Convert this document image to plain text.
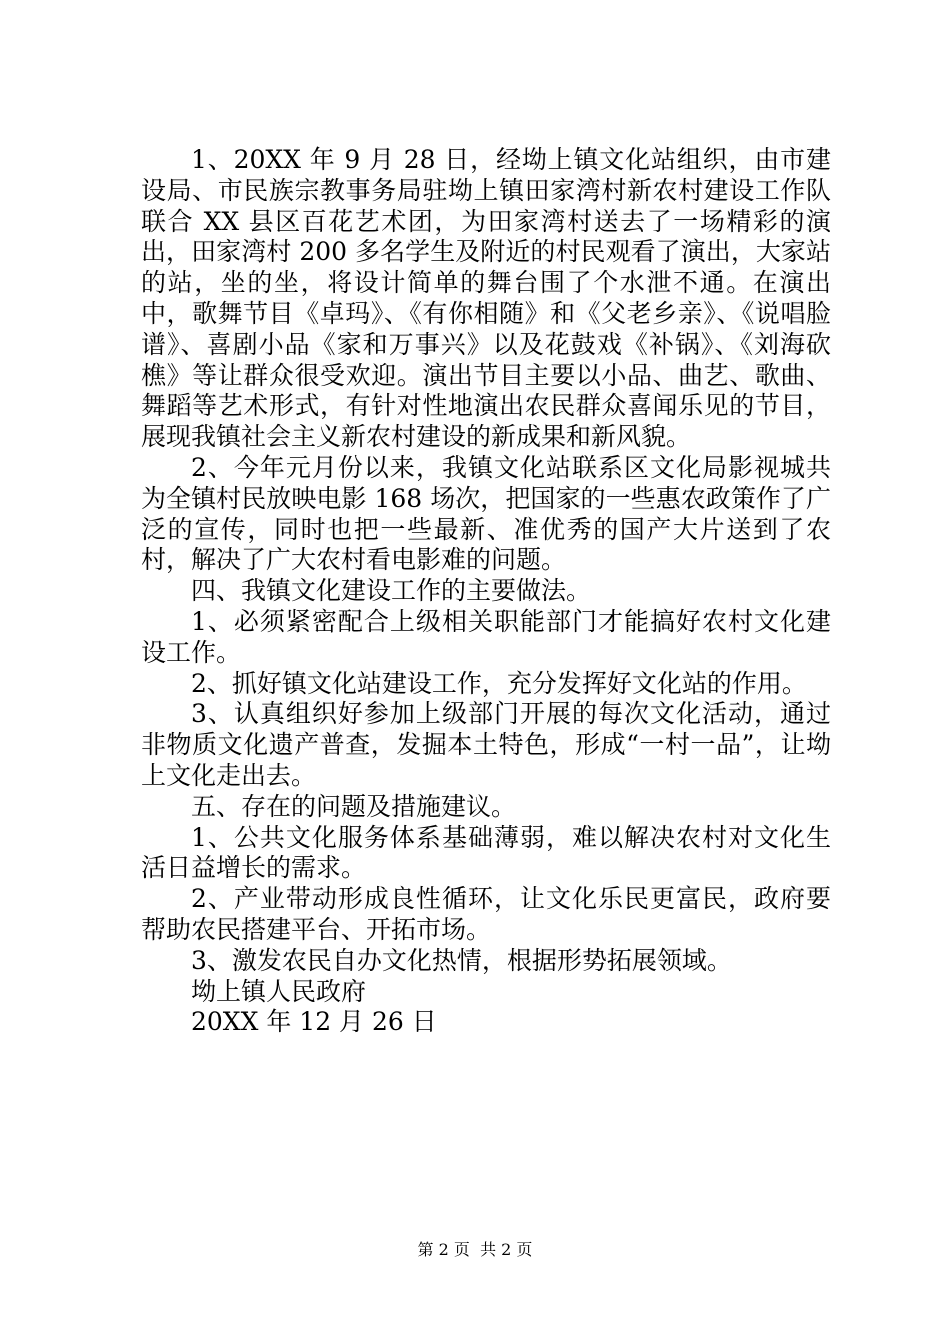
1、20XX 年 9 月 28 日，经坳上镇文化站组织，由市建设局、市民族宗教事务局驻坳上镇田家湾村新农村建设工作队联合 XX 县区百花艺术团，为田家湾村送去了一场精彩的演出，田家湾村 200 多名学生及附近的村民观看了演出，大家站的站，坐的坐，将设计简单的舞台围了个水泄不通。在演出中，歌舞节目《卓玛》、《有你相随》和《父老乡亲》、《说唱脸谱》、喜剧小品《家和万事兴》以及花鼓戏《补锅》、《刘海砍樵》等让群众很受欢迎。演出节目主要以小品、曲艺、歌曲、舞蹈等艺术形式，有针对性地演出农民群众喜闻乐见的节目，展现我镇社会主义新农村建设的新成果和新风貌。

2、今年元月份以来，我镇文化站联系区文化局影视城共为全镇村民放映电影 168 场次，把国家的一些惠农政策作了广泛的宣传，同时也把一些最新、准优秀的国产大片送到了农村，解决了广大农村看电影难的问题。

四、我镇文化建设工作的主要做法。

1、必须紧密配合上级相关职能部门才能搞好农村文化建设工作。

2、抓好镇文化站建设工作，充分发挥好文化站的作用。

3、认真组织好参加上级部门开展的每次文化活动，通过非物质文化遗产普查，发掘本土特色，形成“一村一品”，让坳上文化走出去。

五、存在的问题及措施建议。

1、公共文化服务体系基础薄弱，难以解决农村对文化生活日益增长的需求。

2、产业带动形成良性循环，让文化乐民更富民，政府要帮助农民搭建平台、开拓市场。

3、激发农民自办文化热情，根据形势拓展领域。

坳上镇人民政府

20XX 年 12 月 26 日

第 2 页  共 2 页
